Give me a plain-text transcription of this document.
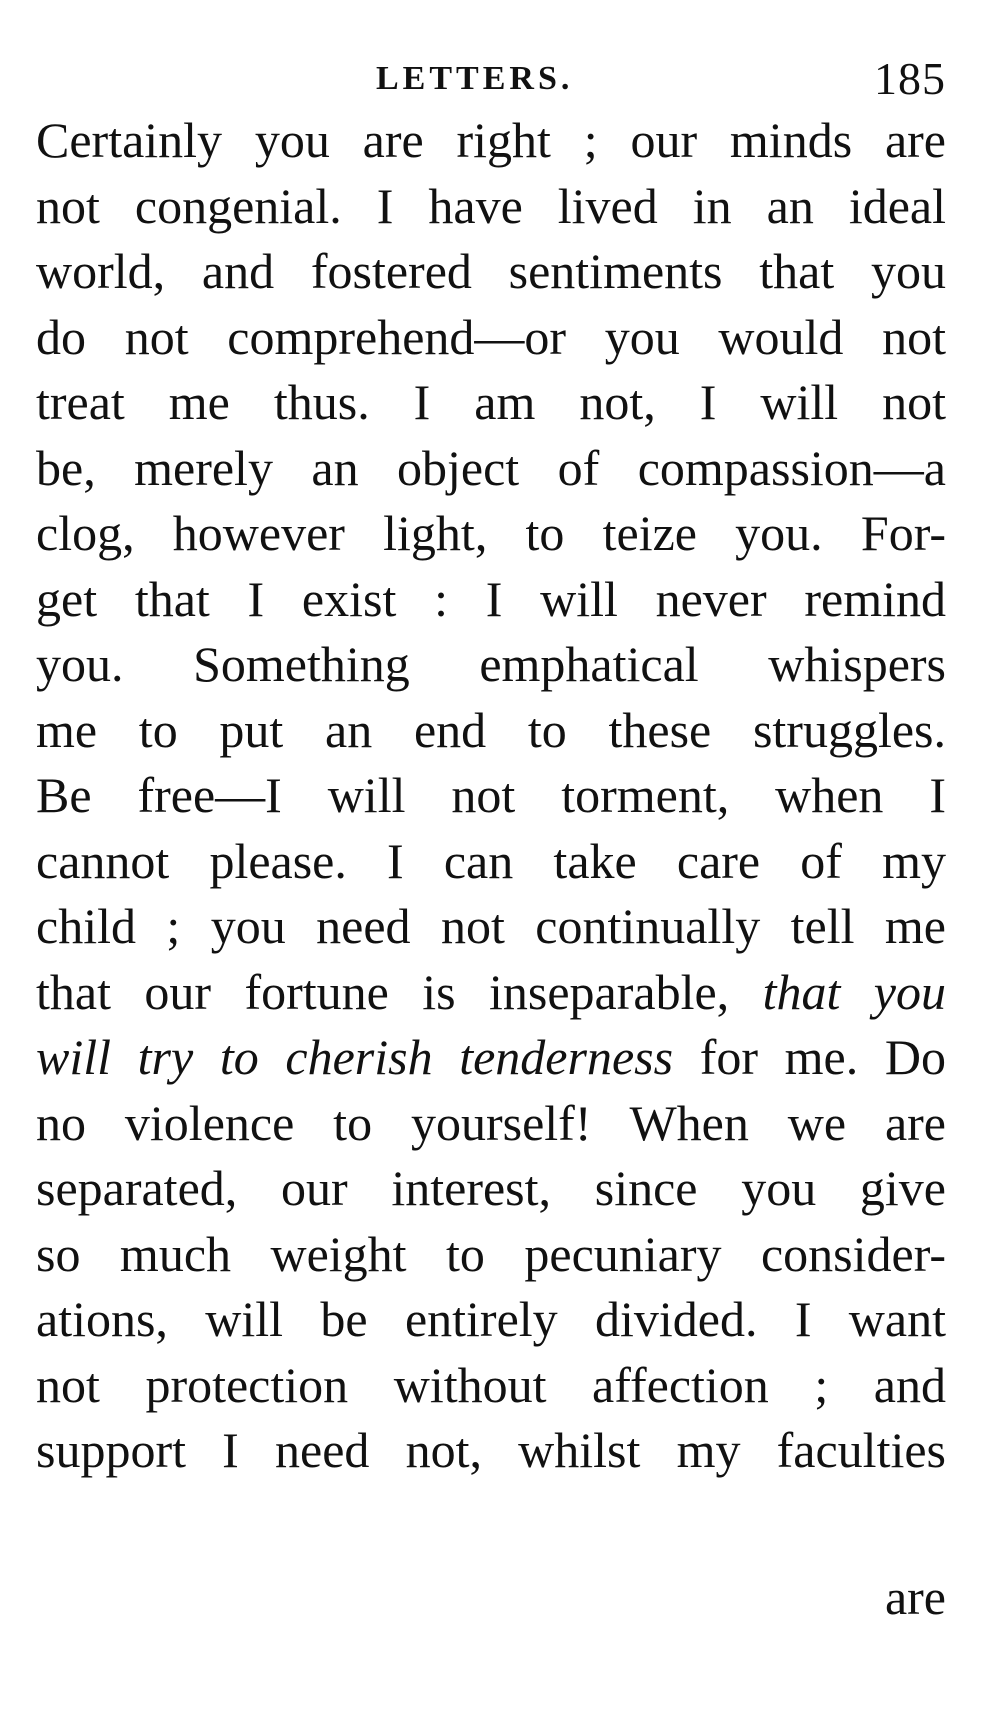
LETTERS.	185
Certainly you are right ; our minds are
not congenial. I have lived in an ideal
world, and fostered sentiments that you
do not comprehend—or you would not
treat me thus. I am not, I will not
be, merely an object of compassion—a
clog, however light, to teize you. For-
get that I exist : I will never remind
you. Something emphatical whispers
me to put an end to these struggles.
Be free—I will not torment, when I
cannot please. I can take care of my
child ; you need not continually tell me
that our fortune is inseparable, that you
will try to cherish tenderness for me. Do
no violence to yourself! When we are
separated, our interest, since you give
so much weight to pecuniary consider-
ations, will be entirely divided. I want
not protection without affection ; and
support I need not, whilst my faculties
are
